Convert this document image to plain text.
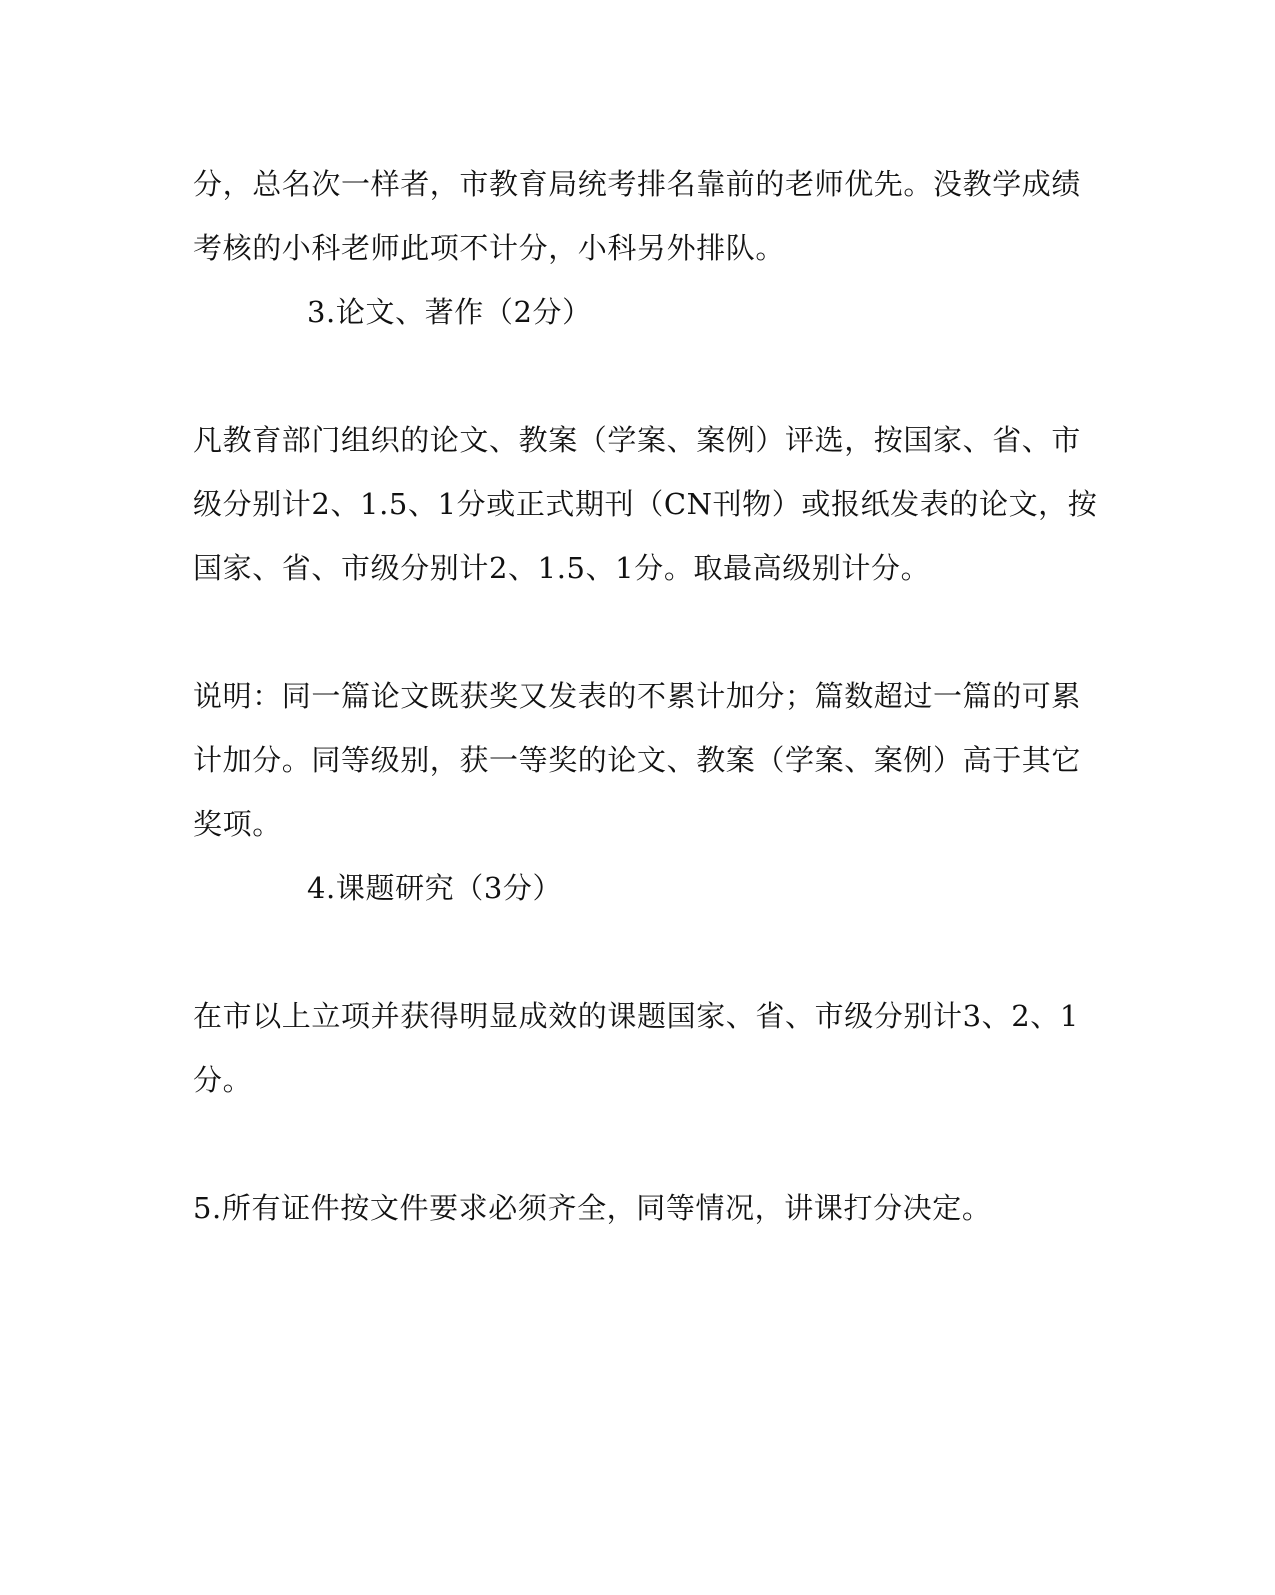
分，总名次一样者，市教育局统考排名靠前的老师优先。没教学成绩
考核的小科老师此项不计分，小科另外排队。
3.论文、著作（2分）
凡教育部门组织的论文、教案（学案、案例）评选，按国家、省、市
级分别计2、1.5、1分或正式期刊（CN刊物）或报纸发表的论文，按
国家、省、市级分别计2、1.5、1分。取最高级别计分。
说明：同一篇论文既获奖又发表的不累计加分；篇数超过一篇的可累
计加分。同等级别，获一等奖的论文、教案（学案、案例）高于其它
奖项。
4.课题研究（3分）
在市以上立项并获得明显成效的课题国家、省、市级分别计3、2、1
分。
5.所有证件按文件要求必须齐全，同等情况，讲课打分决定。
